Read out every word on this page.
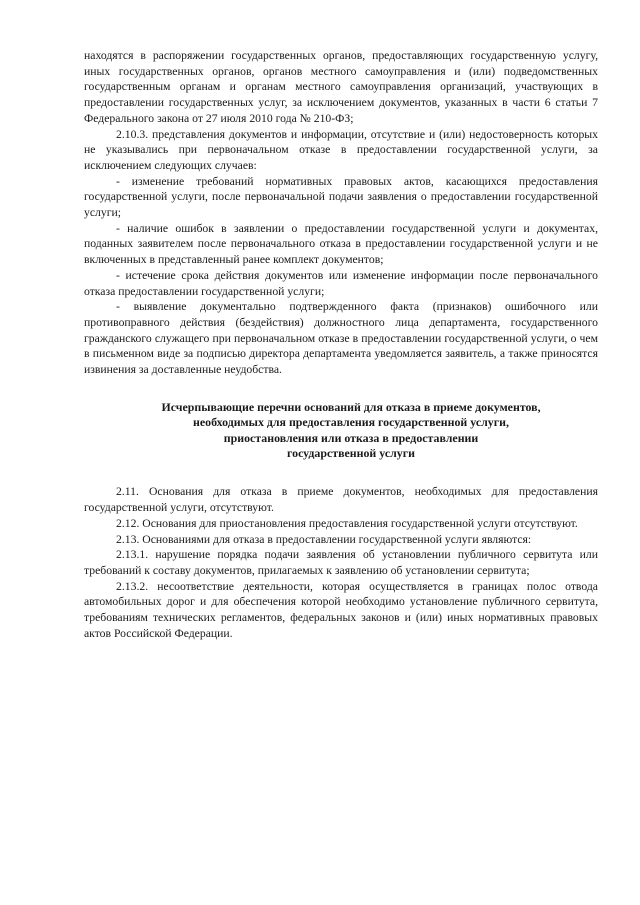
находятся в распоряжении государственных органов, предоставляющих государственную услугу, иных государственных органов, органов местного самоуправления и (или) подведомственных государственным органам и органам местного самоуправления организаций, участвующих в предоставлении государственных услуг, за исключением документов, указанных в части 6 статьи 7 Федерального закона от 27 июля 2010 года № 210-ФЗ;

2.10.3. представления документов и информации, отсутствие и (или) недостоверность которых не указывались при первоначальном отказе в предоставлении государственной услуги, за исключением следующих случаев:

- изменение требований нормативных правовых актов, касающихся предоставления государственной услуги, после первоначальной подачи заявления о предоставлении государственной услуги;

- наличие ошибок в заявлении о предоставлении государственной услуги и документах, поданных заявителем после первоначального отказа в предоставлении государственной услуги и не включенных в представленный ранее комплект документов;

- истечение срока действия документов или изменение информации после первоначального отказа предоставлении государственной услуги;

- выявление документально подтвержденного факта (признаков) ошибочного или противоправного действия (бездействия) должностного лица департамента, государственного гражданского служащего при первоначальном отказе в предоставлении государственной услуги, о чем в письменном виде за подписью директора департамента уведомляется заявитель, а также приносятся извинения за доставленные неудобства.

Исчерпывающие перечни оснований для отказа в приеме документов,
необходимых для предоставления государственной услуги,
приостановления или отказа в предоставлении
государственной услуги

2.11. Основания для отказа в приеме документов, необходимых для предоставления государственной услуги, отсутствуют.

2.12. Основания для приостановления предоставления государственной услуги отсутствуют.

2.13. Основаниями для отказа в предоставлении государственной услуги являются:

2.13.1. нарушение порядка подачи заявления об установлении публичного сервитута или требований к составу документов, прилагаемых к заявлению об установлении сервитута;

2.13.2. несоответствие деятельности, которая осуществляется в границах полос отвода автомобильных дорог и для обеспечения которой необходимо установление публичного сервитута, требованиям технических регламентов, федеральных законов и (или) иных нормативных правовых актов Российской Федерации.
